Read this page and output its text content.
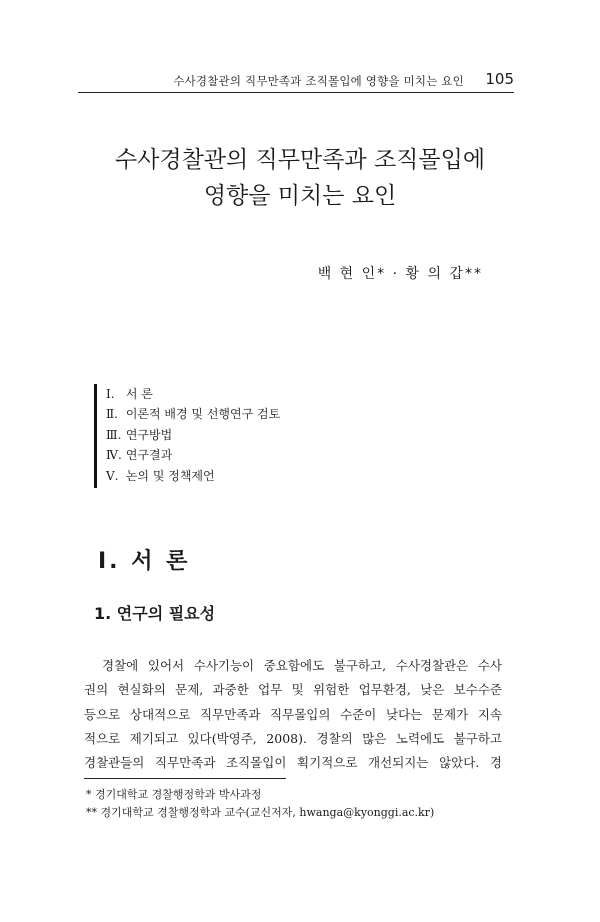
수사경찰관의 직무만족과 조직몰입에 영향을 미치는 요인 105
수사경찰관의 직무만족과 조직몰입에
영향을 미치는 요인
백 현 인* · 황 의 갑**
Ⅰ. 서 론
Ⅱ. 이론적 배경 및 선행연구 검토
Ⅲ. 연구방법
Ⅳ. 연구결과
Ⅴ. 논의 및 정책제언
Ⅰ. 서 론
1. 연구의 필요성
경찰에 있어서 수사기능이 중요함에도 불구하고, 수사경찰관은 수사
권의 현실화의 문제, 과중한 업무 및 위험한 업무환경, 낮은 보수수준
등으로 상대적으로 직무만족과 직무몰입의 수준이 낮다는 문제가 지속
적으로 제기되고 있다(박영주, 2008). 경찰의 많은 노력에도 불구하고
경찰관들의 직무만족과 조직몰입이 획기적으로 개선되지는 않았다. 경
* 경기대학교 경찰행정학과 박사과정
** 경기대학교 경찰행정학과 교수(교신저자, hwanga@kyonggi.ac.kr)
